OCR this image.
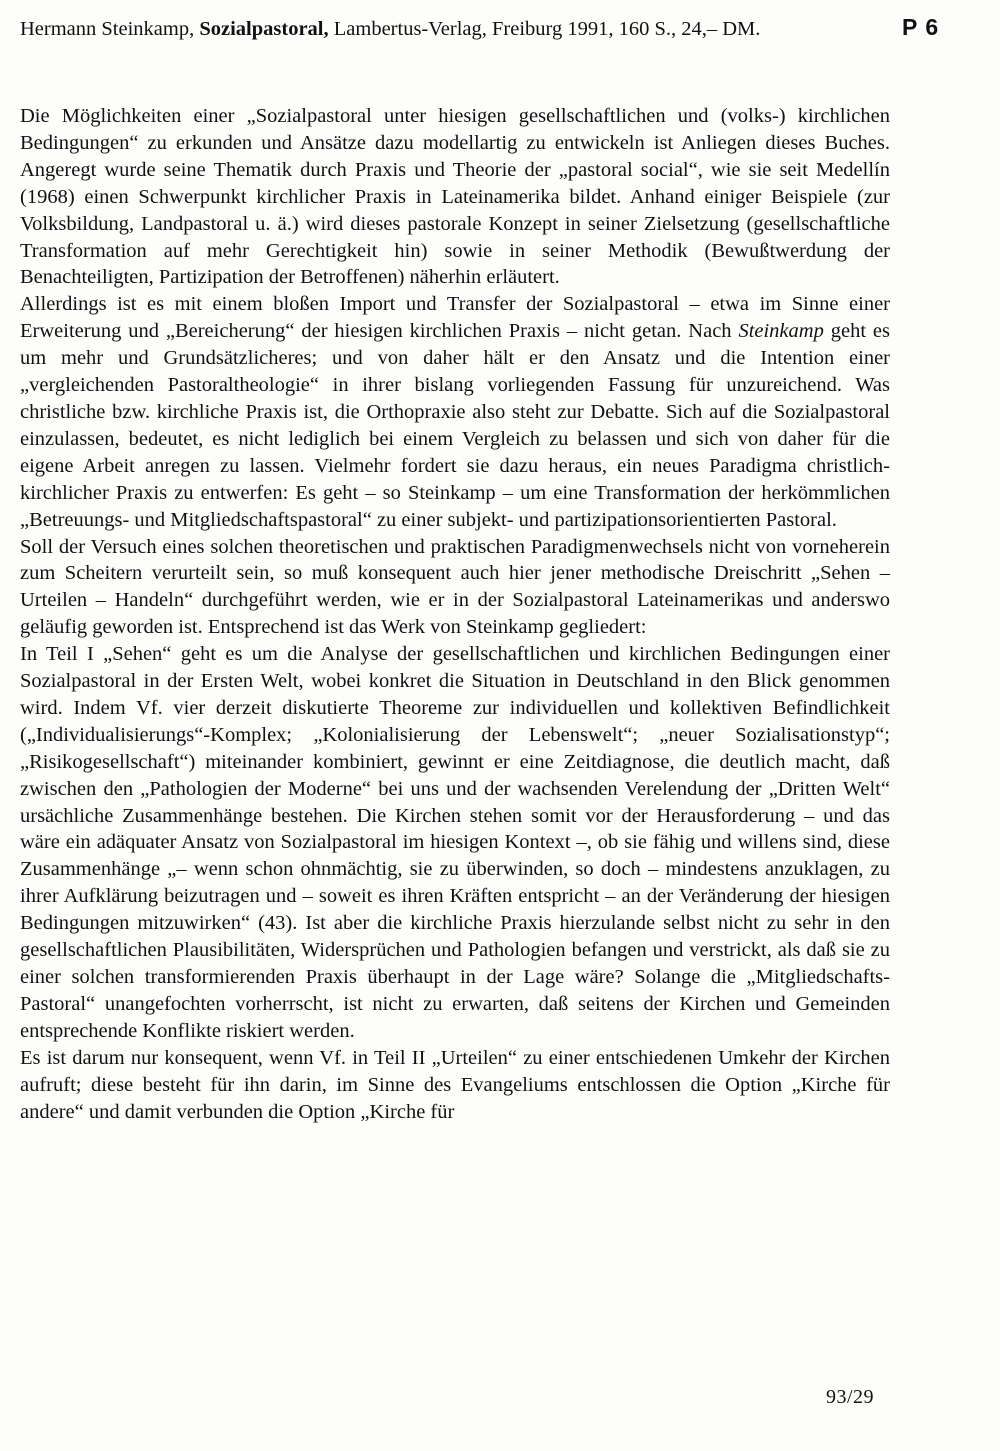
Hermann Steinkamp, Sozialpastoral, Lambertus-Verlag, Freiburg 1991, 160 S., 24,– DM.	P 6

Die Möglichkeiten einer „Sozialpastoral unter hiesigen gesellschaftlichen und (volks-) kirchlichen Bedingungen“ zu erkunden und Ansätze dazu modellartig zu entwickeln ist Anliegen dieses Buches. Angeregt wurde seine Thematik durch Praxis und Theorie der „pastoral social“, wie sie seit Medellín (1968) einen Schwerpunkt kirchlicher Praxis in Lateinamerika bildet. Anhand einiger Beispiele (zur Volksbildung, Landpastoral u. ä.) wird dieses pastorale Konzept in seiner Zielsetzung (gesellschaftliche Transformation auf mehr Gerechtigkeit hin) sowie in seiner Methodik (Bewußtwerdung der Benachteiligten, Partizipation der Betroffenen) näherhin erläutert.

Allerdings ist es mit einem bloßen Import und Transfer der Sozialpastoral – etwa im Sinne einer Erweiterung und „Bereicherung“ der hiesigen kirchlichen Praxis – nicht getan. Nach Steinkamp geht es um mehr und Grundsätzlicheres; und von daher hält er den Ansatz und die Intention einer „vergleichenden Pastoraltheologie“ in ihrer bislang vorliegenden Fassung für unzureichend. Was christliche bzw. kirchliche Praxis ist, die Orthopraxie also steht zur Debatte. Sich auf die Sozialpastoral einzulassen, bedeutet, es nicht lediglich bei einem Vergleich zu belassen und sich von daher für die eigene Arbeit anregen zu lassen. Vielmehr fordert sie dazu heraus, ein neues Paradigma christlich-kirchlicher Praxis zu entwerfen: Es geht – so Steinkamp – um eine Transformation der herkömmlichen „Betreuungs- und Mitgliedschaftspastoral“ zu einer subjekt- und partizipationsorientierten Pastoral.

Soll der Versuch eines solchen theoretischen und praktischen Paradigmenwechsels nicht von vorneherein zum Scheitern verurteilt sein, so muß konsequent auch hier jener methodische Dreischritt „Sehen – Urteilen – Handeln“ durchgeführt werden, wie er in der Sozialpastoral Lateinamerikas und anderswo geläufig geworden ist. Entsprechend ist das Werk von Steinkamp gegliedert:

In Teil I „Sehen“ geht es um die Analyse der gesellschaftlichen und kirchlichen Bedingungen einer Sozialpastoral in der Ersten Welt, wobei konkret die Situation in Deutschland in den Blick genommen wird. Indem Vf. vier derzeit diskutierte Theoreme zur individuellen und kollektiven Befindlichkeit („Individualisierungs“-Komplex; „Kolonialisierung der Lebenswelt“; „neuer Sozialisationstyp“; „Risikogesellschaft“) miteinander kombiniert, gewinnt er eine Zeitdiagnose, die deutlich macht, daß zwischen den „Pathologien der Moderne“ bei uns und der wachsenden Verelendung der „Dritten Welt“ ursächliche Zusammenhänge bestehen. Die Kirchen stehen somit vor der Herausforderung – und das wäre ein adäquater Ansatz von Sozialpastoral im hiesigen Kontext –, ob sie fähig und willens sind, diese Zusammenhänge „– wenn schon ohnmächtig, sie zu überwinden, so doch – mindestens anzuklagen, zu ihrer Aufklärung beizutragen und – soweit es ihren Kräften entspricht – an der Veränderung der hiesigen Bedingungen mitzuwirken“ (43). Ist aber die kirchliche Praxis hierzulande selbst nicht zu sehr in den gesellschaftlichen Plausibilitäten, Widersprüchen und Pathologien befangen und verstrickt, als daß sie zu einer solchen transformierenden Praxis überhaupt in der Lage wäre? Solange die „Mitgliedschafts-Pastoral“ unangefochten vorherrscht, ist nicht zu erwarten, daß seitens der Kirchen und Gemeinden entsprechende Konflikte riskiert werden.

Es ist darum nur konsequent, wenn Vf. in Teil II „Urteilen“ zu einer entschiedenen Umkehr der Kirchen aufruft; diese besteht für ihn darin, im Sinne des Evangeliums entschlossen die Option „Kirche für andere“ und damit verbunden die Option „Kirche für

93/29
